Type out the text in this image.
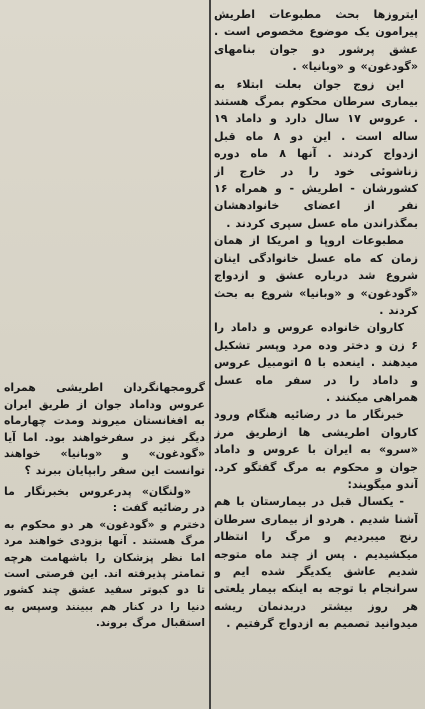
ایتروزها بحث مطبوعات اطریش پیرامون یک موضوع مخصوص است . عشق پرشور دو جوان بنامهای «گودغون» و «وبانیا» .

این زوج جوان بعلت ابتلاء به بیماری سرطان محکوم بمرگ هستند . عروس ۱۷ سال دارد و داماد ۱۹ ساله است . این دو ۸ ماه قبل ازدواج کردند . آنها ۸ ماه دوره زناشوئی خود را در خارج از کشورشان - اطریش - و همراه ۱۶ نفر از اعضای خانوادهشان بمگذراندن ماه عسل سپری کردند .

مطبوعات اروپا و امریکا از همان زمان که ماه عسل خانوادگی اینان شروع شد درباره عشق و ازدواج «گودغون» و «وبانیا» شروع به بحث کردند .

کاروان خانواده عروس و داماد را ۶ زن و دختر وده مرد وپسر تشکیل میدهند . اینعده با ۵ اتومبیل عروس و داماد را در سفر ماه عسل همراهی میکنند .

خبرنگار ما در رضائیه هنگام ورود کاروان اطریشی ها ازطریق مرز «سرو» به ایران با عروس و داماد جوان و محکوم به مرگ گفتگو کرد. آندو میگویند:

- یکسال قبل در بیمارستان با هم آشنا شدیم . هردو از بیماری سرطان رنج میبردیم و مرگ را انتظار میکشیدیم . پس از چند ماه متوجه شدیم عاشق یکدیگر شده ایم و سرانجام با توجه به اینکه بیمار یلعتی هر روز بیشتر دربدنمان ریشه میدوانید تصمیم به ازدواج گرفتیم .

گرومجهانگردان اطریشی همراه عروس وداماد جوان از طریق ایران به افغانستان میروند ومدت چهارماه دیگر نیز در سفرخواهند بود. اما آیا «گودغون» و «وبانیا» خواهند توانست این سفر رابپایان ببرند ؟

«ولنگان» پدرعروس بخبرنگار ما در رضائیه گفت :

دخترم و «گودغون» هر دو محکوم به مرگ هستند . آنها بزودی خواهند مرد اما نظر پزشکان را باشهامت هرچه تمامتر پذیرفته اند. این فرصتی است تا دو کبوتر سفید عشق چند کشور دنیا را در کنار هم ببینند وسپس به استقبال مرگ بروند.
